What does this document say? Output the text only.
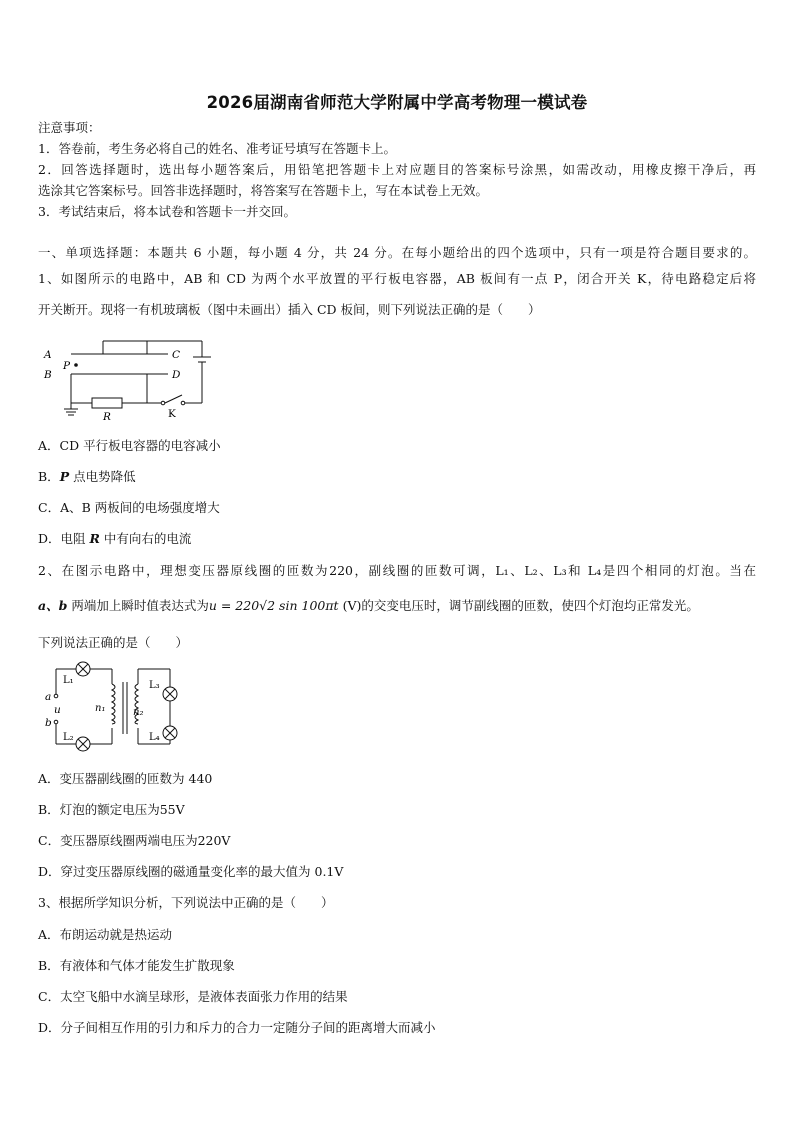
2026届湖南省师范大学附属中学高考物理一模试卷
注意事项：
1．答卷前，考生务必将自己的姓名、准考证号填写在答题卡上。
2．回答选择题时，选出每小题答案后，用铅笔把答题卡上对应题目的答案标号涂黑，如需改动，用橡皮擦干净后，再
选涂其它答案标号。回答非选择题时，将答案写在答题卡上，写在本试卷上无效。
3．考试结束后，将本试卷和答题卡一并交回。
一、单项选择题：本题共 6 小题，每小题 4 分，共 24 分。在每小题给出的四个选项中，只有一项是符合题目要求的。
1、如图所示的电路中，AB 和 CD 为两个水平放置的平行板电容器，AB 板间有一点 P，闭合开关 K，待电路稳定后将
开关断开。现将一有机玻璃板（图中未画出）插入 CD 板间，则下列说法正确的是（　　）
A
B
P
C
D
R	K
A．CD 平行板电容器的电容减小
B．P 点电势降低
C．A、B 两板间的电场强度增大
D．电阻 R 中有向右的电流
2、在图示电路中，理想变压器原线圈的匝数为220，副线圈的匝数可调，L₁、L₂、L₃和 L₄是四个相同的灯泡。当在
a、b 两端加上瞬时值表达式为u = 220√2 sin 100πt (V)的交变电压时，调节副线圈的匝数，使四个灯泡均正常发光。
下列说法正确的是（　　）
a
u
b
L₁
L₂
L₃
L₄
n₁	n₂
A．变压器副线圈的匝数为 440
B．灯泡的额定电压为55V
C．变压器原线圈两端电压为220V
D．穿过变压器原线圈的磁通量变化率的最大值为 0.1V
3、根据所学知识分析，下列说法中正确的是（　　）
A．布朗运动就是热运动
B．有液体和气体才能发生扩散现象
C．太空飞船中水滴呈球形，是液体表面张力作用的结果
D．分子间相互作用的引力和斥力的合力一定随分子间的距离增大而减小
